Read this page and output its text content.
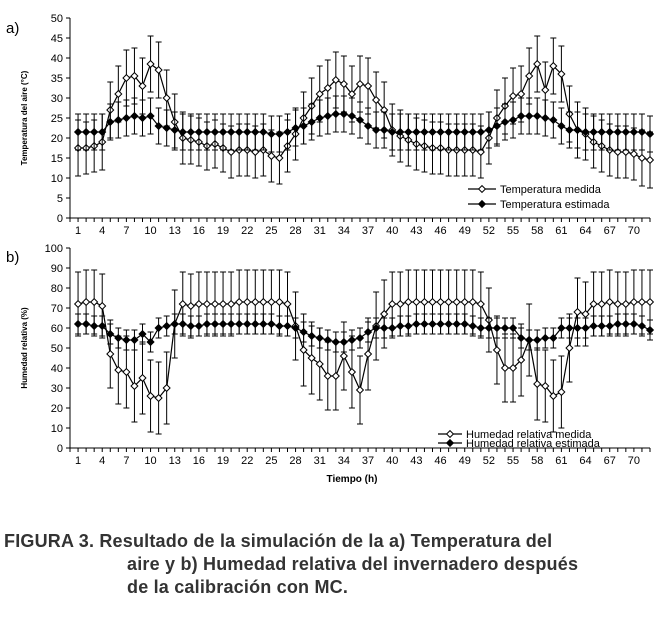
a)
0
5
10
15
20
25
30
35
40
45
50
1 4 7 10 13 16 19 22 25 28 31 34 37 40 43 46 49 52 55 58 61 64 67 70
Temperatura del aire (°C)
Temperatura medida
Temperatura estimada
b)
0
10
20
30
40
50
60
70
80
90
100
1 4 7 10 13 16 19 22 25 28 31 34 37 40 43 46 49 52 55 58 61 64 67 70
Humedad relativa (%)
Tiempo (h)
Humedad relativa medida
Humedad relativa estimada
FIGURA 3. Resultado de la simulación de la a) Temperatura del
aire y b) Humedad relativa del invernadero después
de la calibración con MC.
